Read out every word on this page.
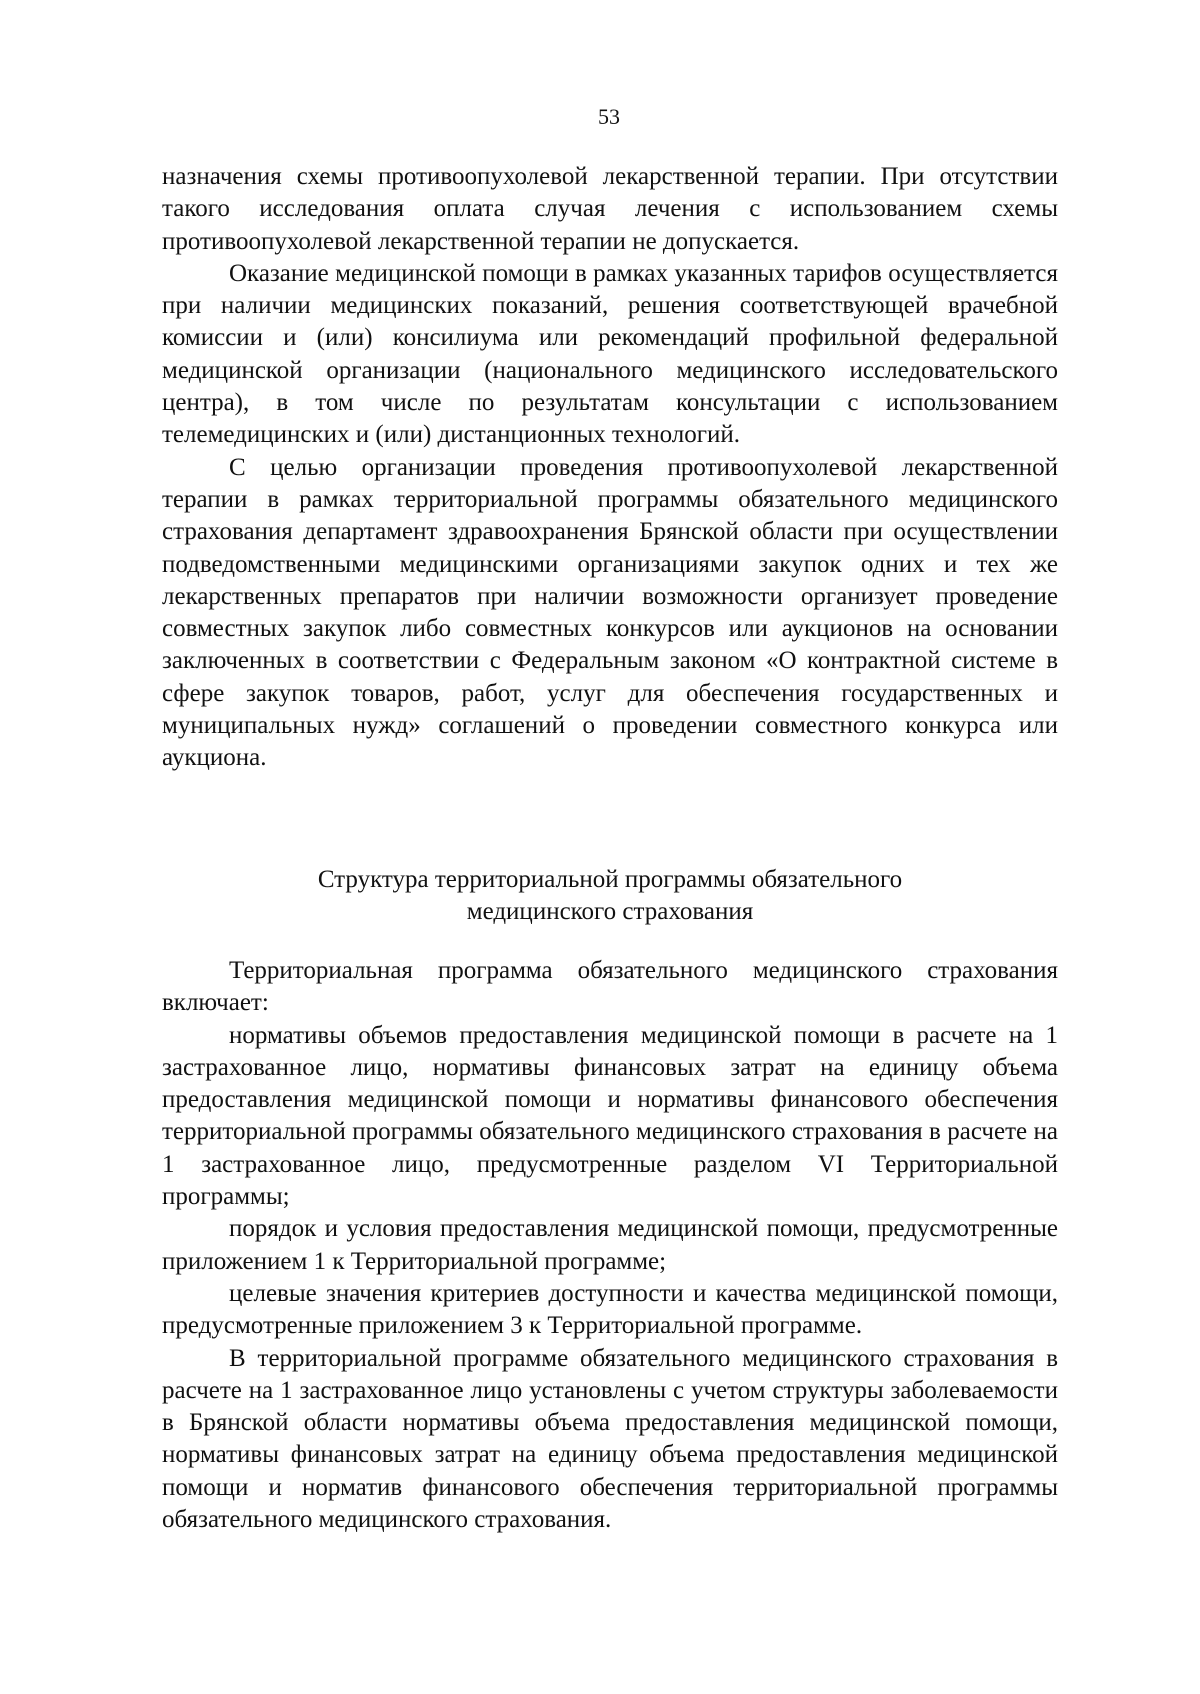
53

назначения схемы противоопухолевой лекарственной терапии. При отсутствии такого исследования оплата случая лечения с использованием схемы противоопухолевой лекарственной терапии не допускается.

Оказание медицинской помощи в рамках указанных тарифов осуществляется при наличии медицинских показаний, решения соответствующей врачебной комиссии и (или) консилиума или рекомендаций профильной федеральной медицинской организации (национального медицинского исследовательского центра), в том числе по результатам консультации с использованием телемедицинских и (или) дистанционных технологий.

С целью организации проведения противоопухолевой лекарственной терапии в рамках территориальной программы обязательного медицинского страхования департамент здравоохранения Брянской области при осуществлении подведомственными медицинскими организациями закупок одних и тех же лекарственных препаратов при наличии возможности организует проведение совместных закупок либо совместных конкурсов или аукционов на основании заключенных в соответствии с Федеральным законом «О контрактной системе в сфере закупок товаров, работ, услуг для обеспечения государственных и муниципальных нужд» соглашений о проведении совместного конкурса или аукциона.

Структура территориальной программы обязательного
медицинского страхования

Территориальная программа обязательного медицинского страхования включает:

нормативы объемов предоставления медицинской помощи в расчете на 1 застрахованное лицо, нормативы финансовых затрат на единицу объема предоставления медицинской помощи и нормативы финансового обеспечения территориальной программы обязательного медицинского страхования в расчете на 1 застрахованное лицо, предусмотренные разделом VI Территориальной программы;

порядок и условия предоставления медицинской помощи, предусмотренные приложением 1 к Территориальной программе;

целевые значения критериев доступности и качества медицинской помощи, предусмотренные приложением 3 к Территориальной программе.

В территориальной программе обязательного медицинского страхования в расчете на 1 застрахованное лицо установлены с учетом структуры заболеваемости в Брянской области нормативы объема предоставления медицинской помощи, нормативы финансовых затрат на единицу объема предоставления медицинской помощи и норматив финансового обеспечения территориальной программы обязательного медицинского страхования.
